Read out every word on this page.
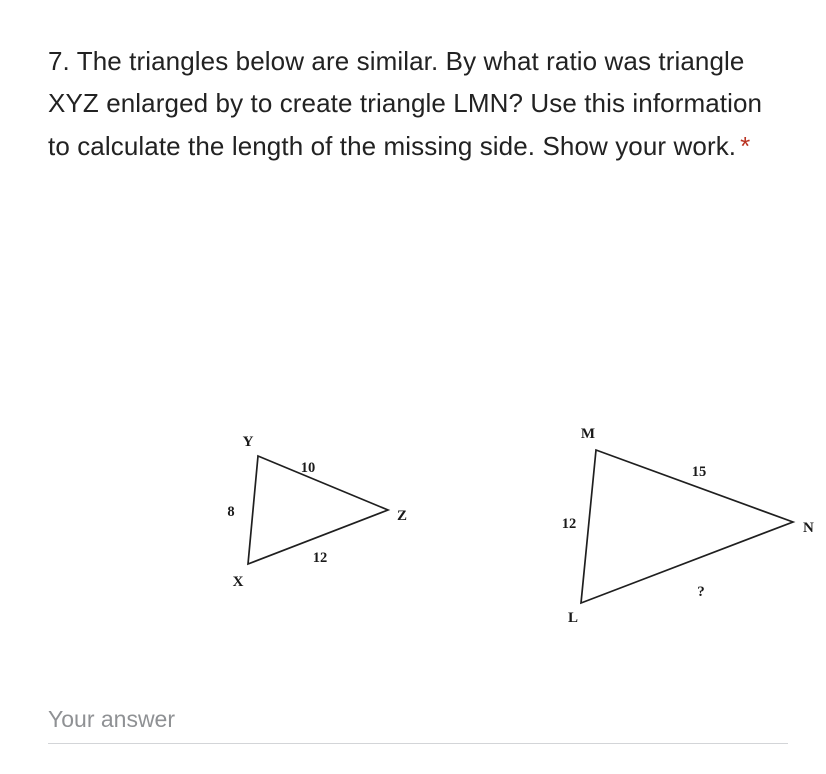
7. The triangles below are similar. By what ratio was triangle XYZ enlarged by to create triangle LMN? Use this information to calculate the length of the missing side. Show your work. *
Y
Z
X
10
8
12
M
N
L
15
12
?
Your answer
